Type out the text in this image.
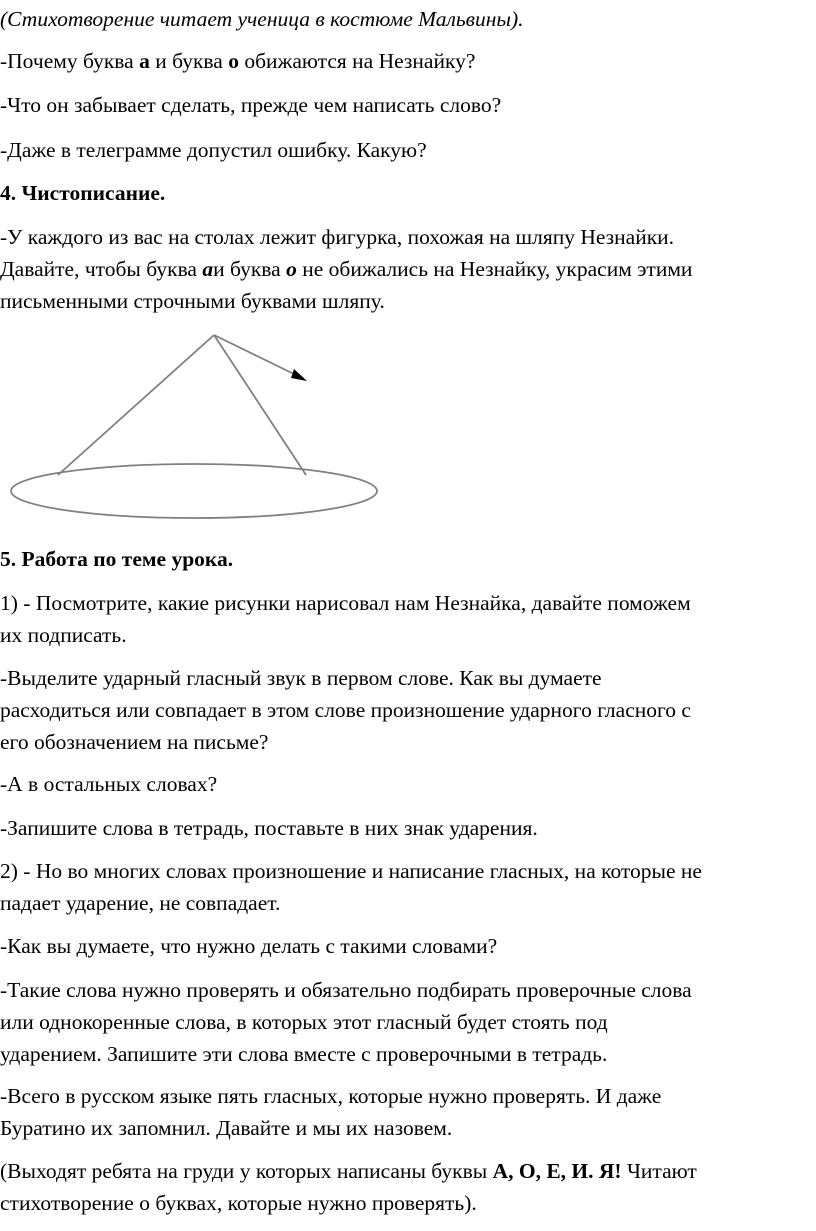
(Стихотворение читает ученица в костюме Мальвины).
-Почему буква а и буква о обижаются на Незнайку?
-Что он забывает сделать, прежде чем написать слово?
-Даже в телеграмме допустил ошибку. Какую?
4. Чистописание.
-У каждого из вас на столах лежит фигурка, похожая на шляпу Незнайки.
Давайте, чтобы буква аи буква о не обижались на Незнайку, украсим этими
письменными строчными буквами шляпу.
5. Работа по теме урока.
1) - Посмотрите, какие рисунки нарисовал нам Незнайка, давайте поможем
их подписать.
-Выделите ударный гласный звук в первом слове. Как вы думаете
расходиться или совпадает в этом слове произношение ударного гласного с
его обозначением на письме?
-А в остальных словах?
-Запишите слова в тетрадь, поставьте в них знак ударения.
2) - Но во многих словах произношение и написание гласных, на которые не
падает ударение, не совпадает.
-Как вы думаете, что нужно делать с такими словами?
-Такие слова нужно проверять и обязательно подбирать проверочные слова
или однокоренные слова, в которых этот гласный будет стоять под
ударением. Запишите эти слова вместе с проверочными в тетрадь.
-Всего в русском языке пять гласных, которые нужно проверять. И даже
Буратино их запомнил. Давайте и мы их назовем.
(Выходят ребята на груди у которых написаны буквы А, О, Е, И. Я! Читают
стихотворение о буквах, которые нужно проверять).
